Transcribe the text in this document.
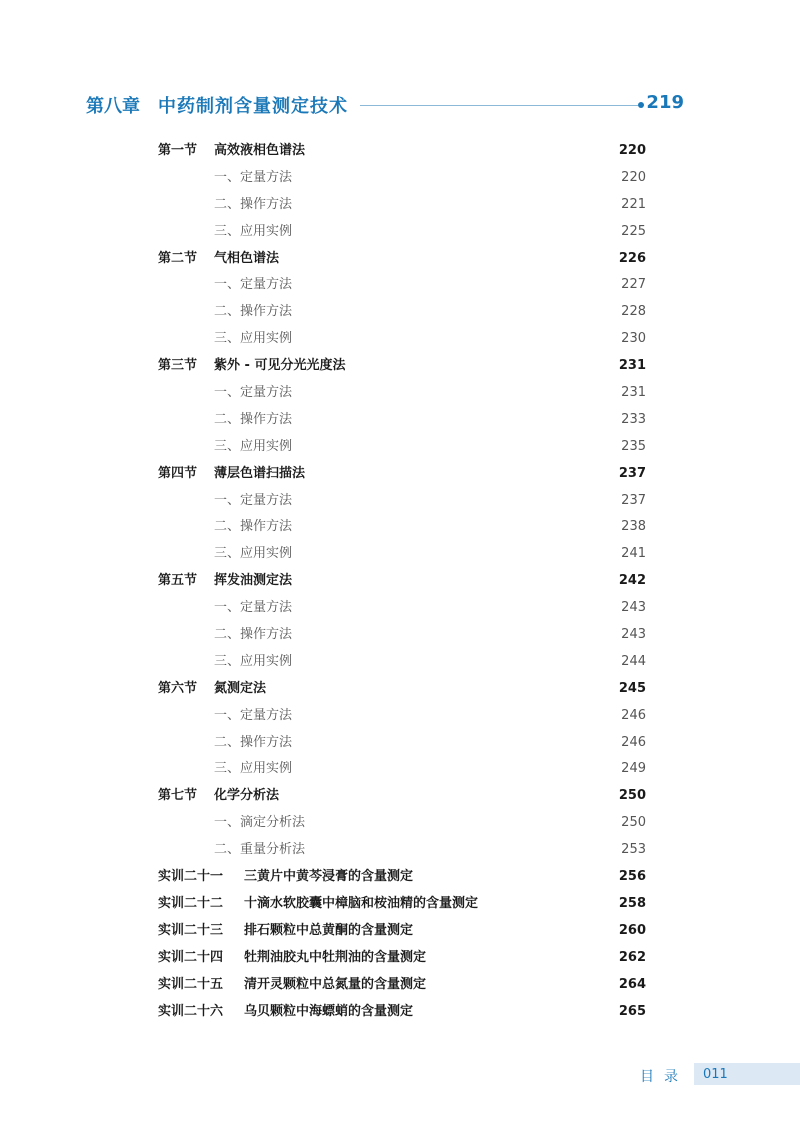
第八章 中药制剂含量测定技术	219
第一节 高效液相色谱法	220
一、定量方法	220
二、操作方法	221
三、应用实例	225
第二节 气相色谱法	226
一、定量方法	227
二、操作方法	228
三、应用实例	230
第三节 紫外 - 可见分光光度法	231
一、定量方法	231
二、操作方法	233
三、应用实例	235
第四节 薄层色谱扫描法	237
一、定量方法	237
二、操作方法	238
三、应用实例	241
第五节 挥发油测定法	242
一、定量方法	243
二、操作方法	243
三、应用实例	244
第六节 氮测定法	245
一、定量方法	246
二、操作方法	246
三、应用实例	249
第七节 化学分析法	250
一、滴定分析法	250
二、重量分析法	253
实训二十一 三黄片中黄芩浸膏的含量测定	256
实训二十二 十滴水软胶囊中樟脑和桉油精的含量测定	258
实训二十三 排石颗粒中总黄酮的含量测定	260
实训二十四 牡荆油胶丸中牡荆油的含量测定	262
实训二十五 清开灵颗粒中总氮量的含量测定	264
实训二十六 乌贝颗粒中海螵蛸的含量测定	265
目录 011
